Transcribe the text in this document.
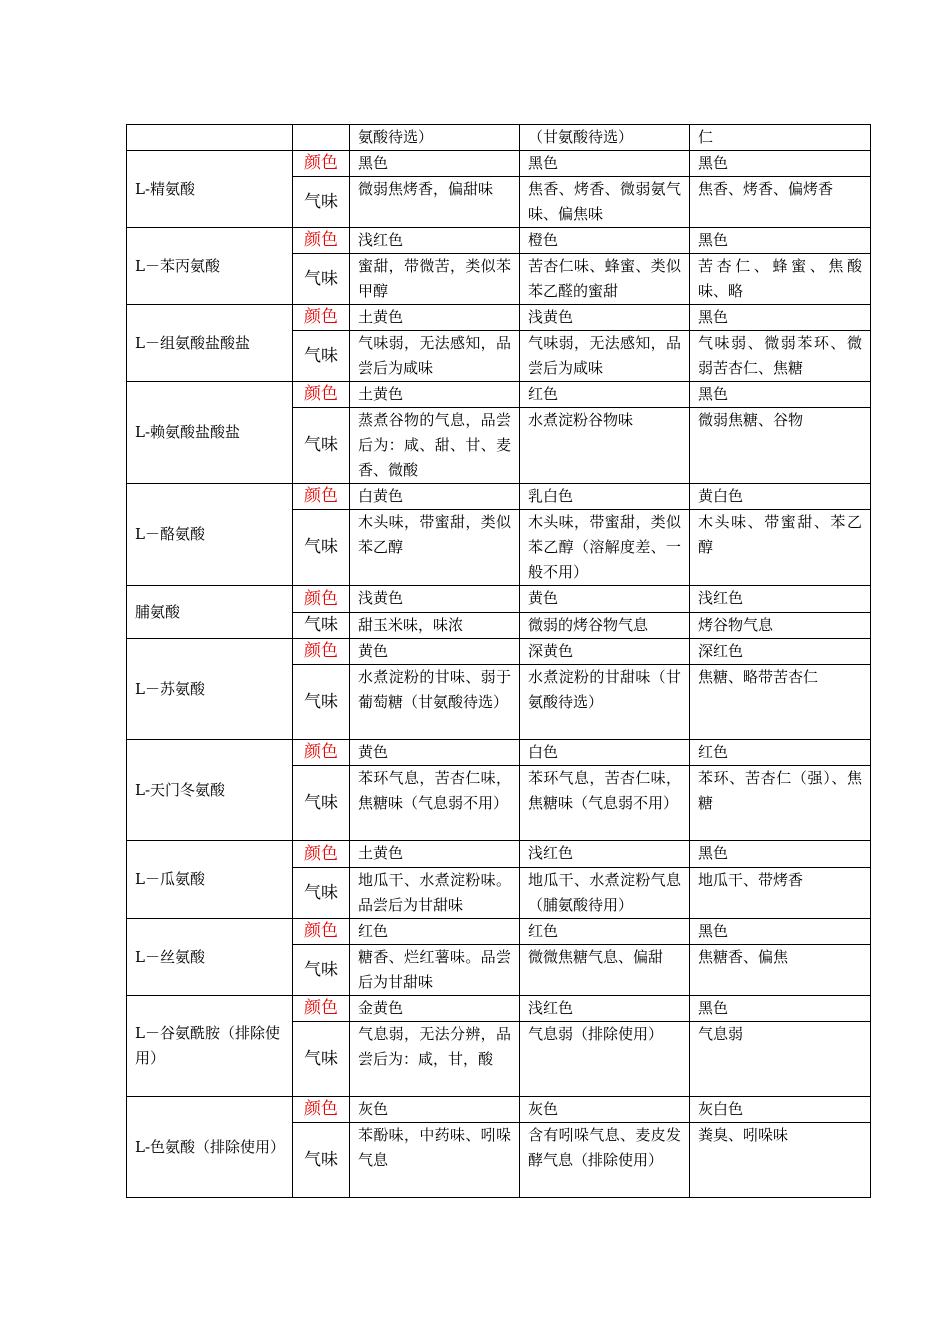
		氨酸待选）	（甘氨酸待选）	仁
L-精氨酸	颜色	黑色	黑色	黑色
	气味	微弱焦烤香，偏甜味	焦香、烤香、微弱氨气味、偏焦味	焦香、烤香、偏烤香
L－苯丙氨酸	颜色	浅红色	橙色	黑色
	气味	蜜甜，带微苦，类似苯甲醇	苦杏仁味、蜂蜜、类似苯乙醛的蜜甜	苦杏仁、蜂蜜、焦酸味、略
L－组氨酸盐酸盐	颜色	土黄色	浅黄色	黑色
	气味	气味弱，无法感知，品尝后为咸味	气味弱，无法感知，品尝后为咸味	气味弱、微弱苯环、微弱苦杏仁、焦糖
L-赖氨酸盐酸盐	颜色	土黄色	红色	黑色
	气味	蒸煮谷物的气息，品尝后为：咸、甜、甘、麦香、微酸	水煮淀粉谷物味	微弱焦糖、谷物
L－酪氨酸	颜色	白黄色	乳白色	黄白色
	气味	木头味，带蜜甜，类似苯乙醇	木头味，带蜜甜，类似苯乙醇（溶解度差、一般不用）	木头味、带蜜甜、苯乙醇
脯氨酸	颜色	浅黄色	黄色	浅红色
	气味	甜玉米味，味浓	微弱的烤谷物气息	烤谷物气息
L－苏氨酸	颜色	黄色	深黄色	深红色
	气味	水煮淀粉的甘味、弱于葡萄糖（甘氨酸待选）	水煮淀粉的甘甜味（甘氨酸待选）	焦糖、略带苦杏仁
L-天门冬氨酸	颜色	黄色	白色	红色
	气味	苯环气息，苦杏仁味，焦糖味（气息弱不用）	苯环气息，苦杏仁味，焦糖味（气息弱不用）	苯环、苦杏仁（强）、焦糖
L－瓜氨酸	颜色	土黄色	浅红色	黑色
	气味	地瓜干、水煮淀粉味。品尝后为甘甜味	地瓜干、水煮淀粉气息（脯氨酸待用）	地瓜干、带烤香
L－丝氨酸	颜色	红色	红色	黑色
	气味	糖香、烂红薯味。品尝后为甘甜味	微微焦糖气息、偏甜	焦糖香、偏焦
L－谷氨酰胺（排除使用）	颜色	金黄色	浅红色	黑色
	气味	气息弱，无法分辨，品尝后为：咸，甘，酸	气息弱（排除使用）	气息弱
L-色氨酸（排除使用）	颜色	灰色	灰色	灰白色
	气味	苯酚味，中药味、吲哚气息	含有吲哚气息、麦皮发酵气息（排除使用）	粪臭、吲哚味
